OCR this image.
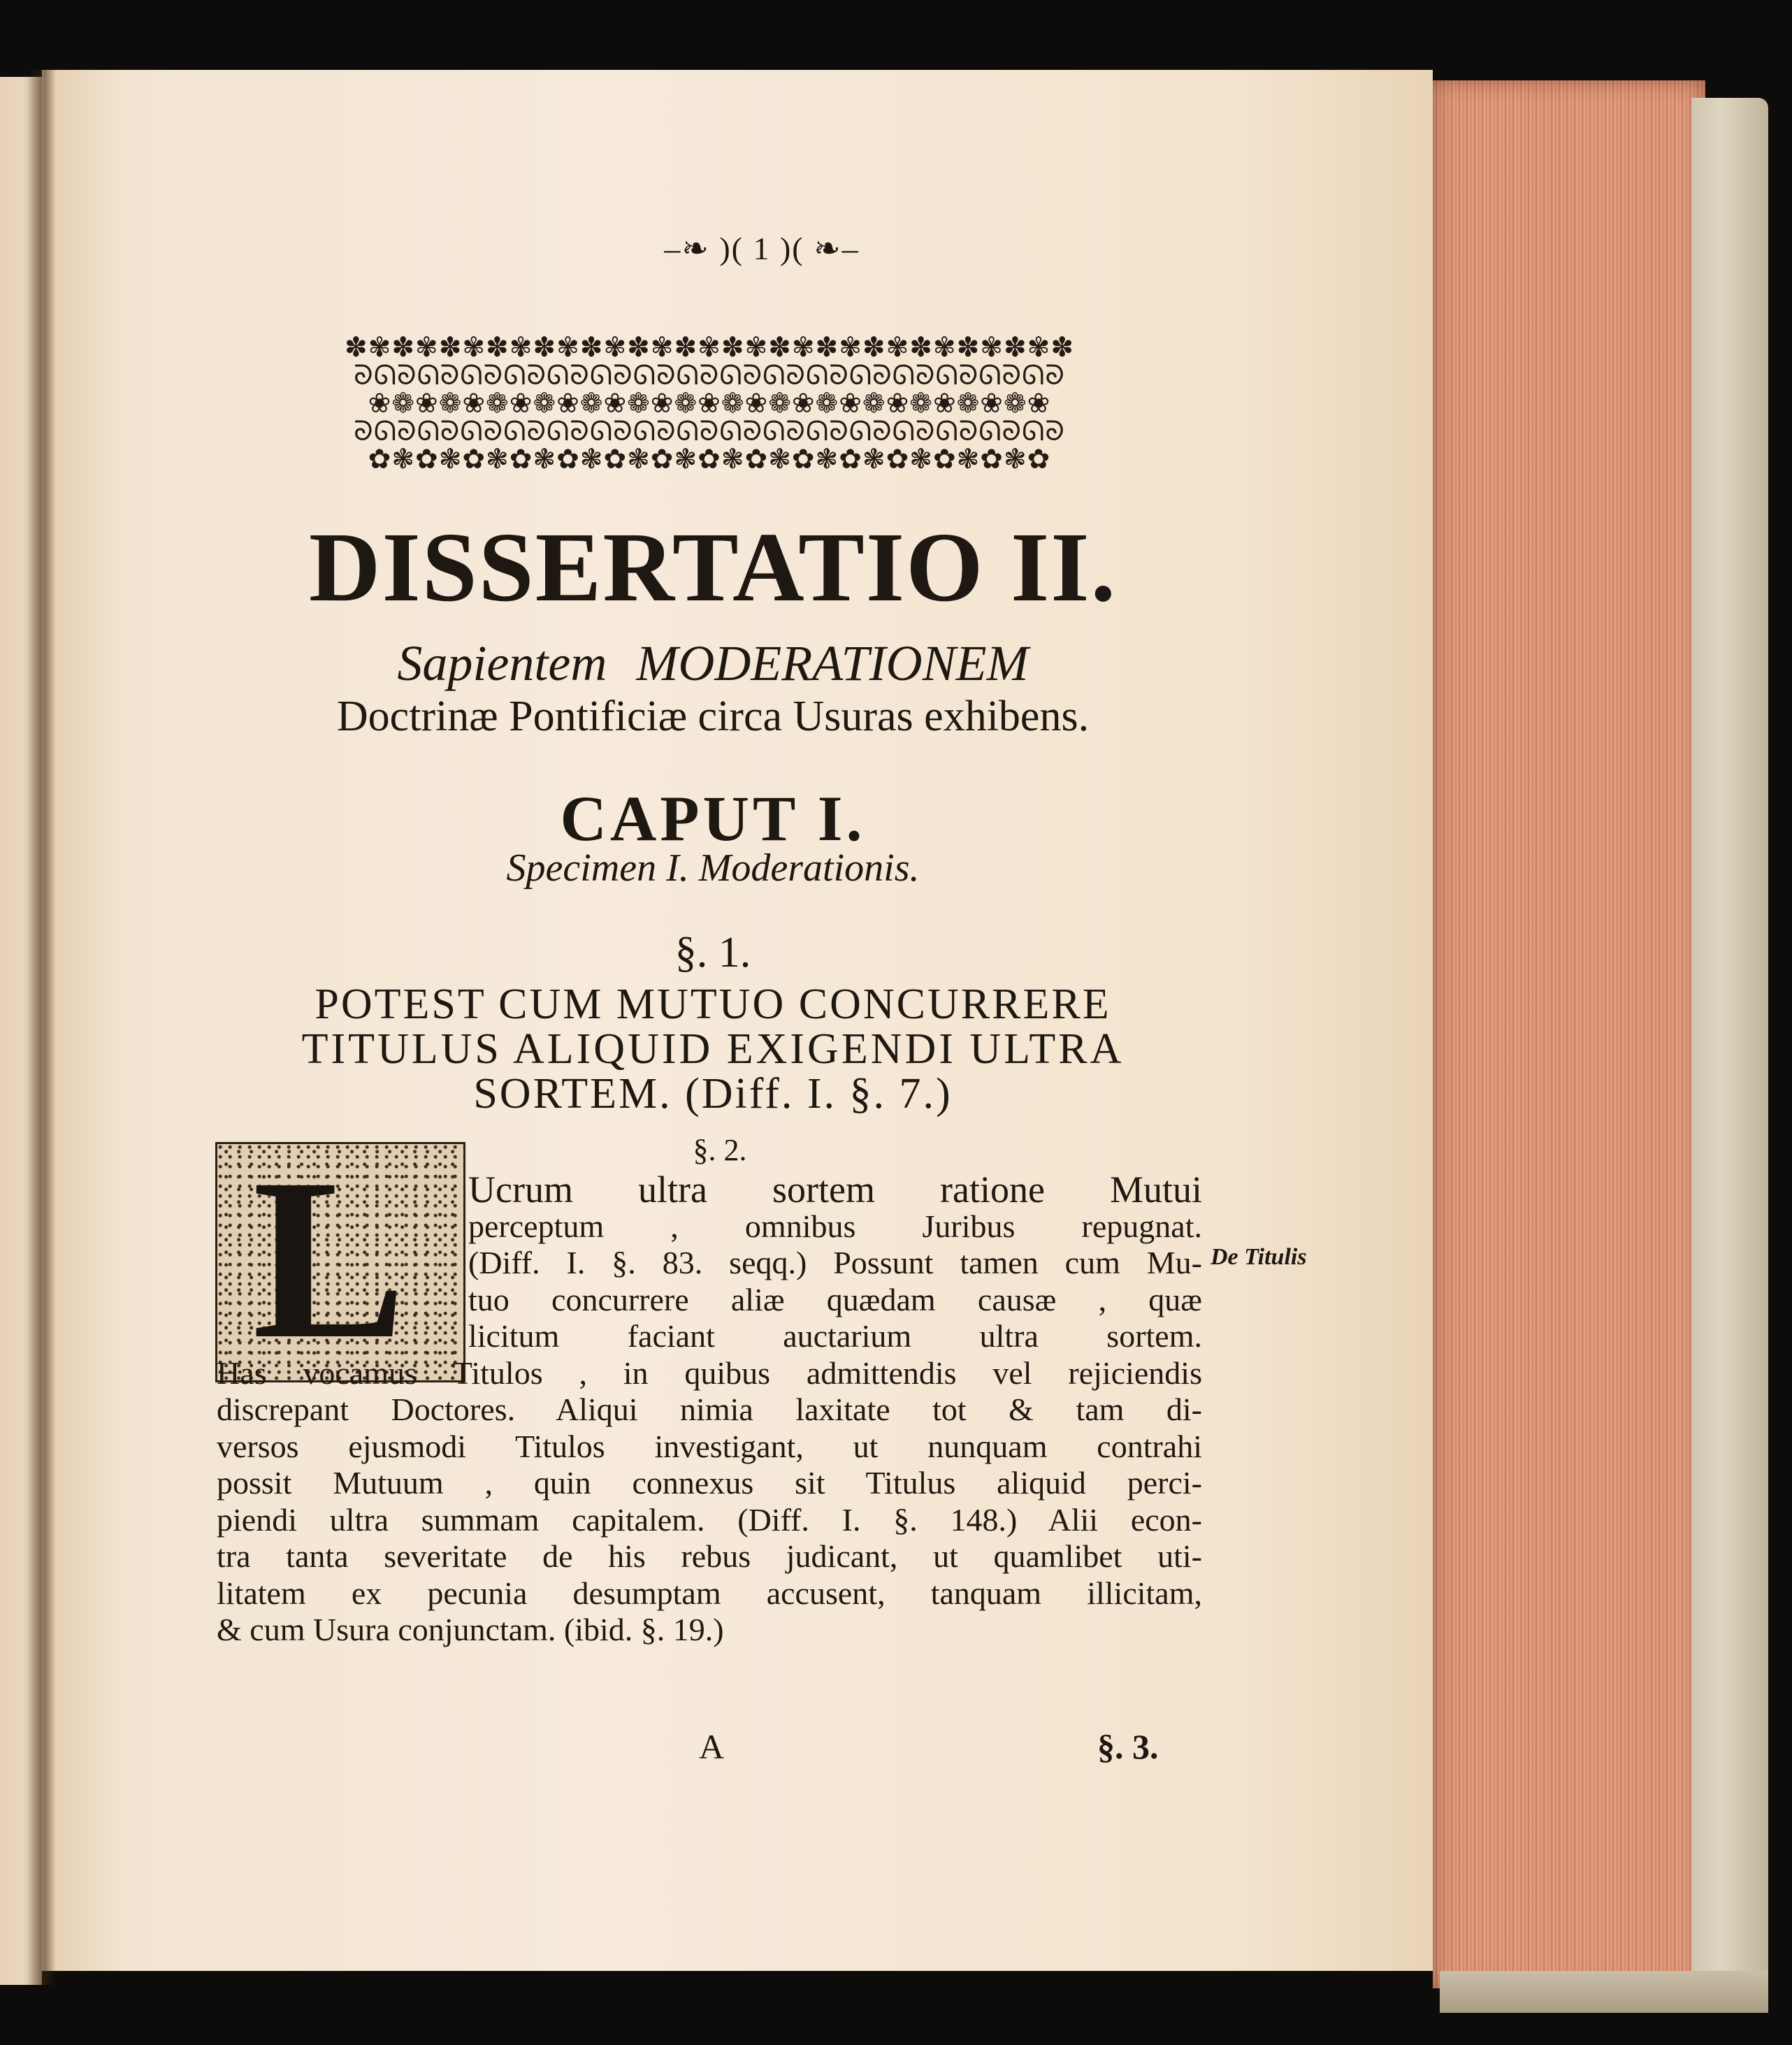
–❧ )( 1 )( ❧–
✽✾✽✾✽✾✽✾✽✾✽✾✽✾✽✾✽✾✽✾✽✾✽✾✽✾✽✾✽✾✽
ᘐᘏᘐᘏᘐᘏᘐᘏᘐᘏᘐᘏᘐᘏᘐᘏᘐᘏᘐᘏᘐᘏᘐᘏᘐᘏᘐᘏᘐᘏᘐᘏᘐ
❀❁❀❁❀❁❀❁❀❁❀❁❀❁❀❁❀❁❀❁❀❁❀❁❀❁❀❁❀
ᘐᘏᘐᘏᘐᘏᘐᘏᘐᘏᘐᘏᘐᘏᘐᘏᘐᘏᘐᘏᘐᘏᘐᘏᘐᘏᘐᘏᘐᘏᘐᘏᘐ
✿❃✿❃✿❃✿❃✿❃✿❃✿❃✿❃✿❃✿❃✿❃✿❃✿❃✿❃✿
DISSERTATIO II.
Sapientem MODERATIONEM
Doctrinæ Pontificiæ circa Usuras exhibens.
CAPUT I.
Specimen I. Moderationis.
§. 1.
POTEST CUM MUTUO CONCURRERE
TITULUS ALIQUID EXIGENDI ULTRA
SORTEM. (Diff. I. §. 7.)
§. 2.
L Ucrum ultra sortem ratione Mutui
perceptum , omnibus Juribus repugnat.
(Diff. I. §. 83. seqq.) Possunt tamen cum Mu-
tuo concurrere aliæ quædam causæ , quæ
licitum faciant auctarium ultra sortem.
Has vocamus Titulos , in quibus admittendis vel rejiciendis
discrepant Doctores. Aliqui nimia laxitate tot & tam di-
versos ejusmodi Titulos investigant, ut nunquam contrahi
possit Mutuum , quin connexus sit Titulus aliquid perci-
piendi ultra summam capitalem. (Diff. I. §. 148.) Alii econ-
tra tanta severitate de his rebus judicant, ut quamlibet uti-
litatem ex pecunia desumptam accusent, tanquam illicitam,
& cum Usura conjunctam. (ibid. §. 19.)
De Titulis
A	§. 3.
